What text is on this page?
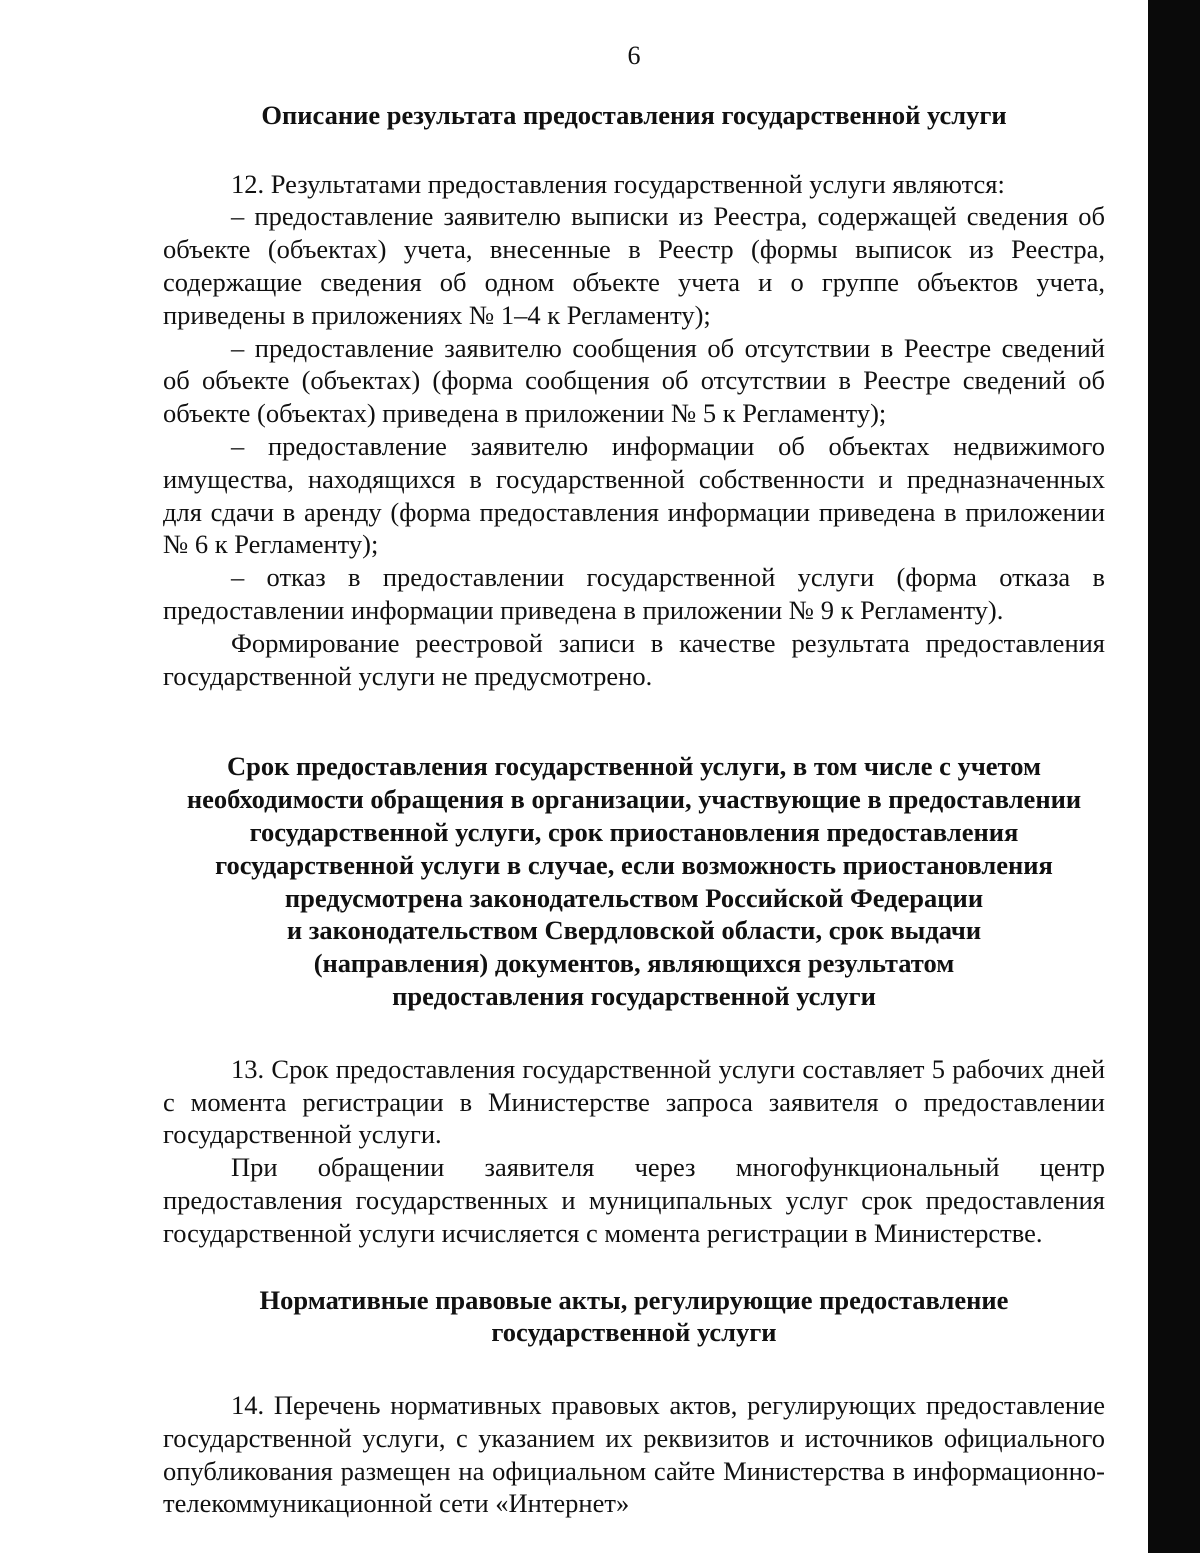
6
Описание результата предоставления государственной услуги

12. Результатами предоставления государственной услуги являются:

– предоставление заявителю выписки из Реестра, содержащей сведения об объекте (объектах) учета, внесенные в Реестр (формы выписок из Реестра, содержащие сведения об одном объекте учета и о группе объектов учета, приведены в приложениях № 1–4 к Регламенту);

– предоставление заявителю сообщения об отсутствии в Реестре сведений об объекте (объектах) (форма сообщения об отсутствии в Реестре сведений об объекте (объектах) приведена в приложении № 5 к Регламенту);

– предоставление заявителю информации об объектах недвижимого имущества, находящихся в государственной собственности и предназначенных для сдачи в аренду (форма предоставления информации приведена в приложении № 6 к Регламенту);

– отказ в предоставлении государственной услуги (форма отказа в предоставлении информации приведена в приложении № 9 к Регламенту).

Формирование реестровой записи в качестве результата предоставления государственной услуги не предусмотрено.

Срок предоставления государственной услуги, в том числе с учетом
необходимости обращения в организации, участвующие в предоставлении
государственной услуги, срок приостановления предоставления
государственной услуги в случае, если возможность приостановления
предусмотрена законодательством Российской Федерации
и законодательством Свердловской области, срок выдачи
(направления) документов, являющихся результатом
предоставления государственной услуги

13. Срок предоставления государственной услуги составляет 5 рабочих дней с момента регистрации в Министерстве запроса заявителя о предоставлении государственной услуги.

При обращении заявителя через многофункциональный центр предоставления государственных и муниципальных услуг срок предоставления государственной услуги исчисляется с момента регистрации в Министерстве.

Нормативные правовые акты, регулирующие предоставление
государственной услуги

14. Перечень нормативных правовых актов, регулирующих предоставление государственной услуги, с указанием их реквизитов и источников официального опубликования размещен на официальном сайте Министерства в информационно-телекоммуникационной сети «Интернет»
